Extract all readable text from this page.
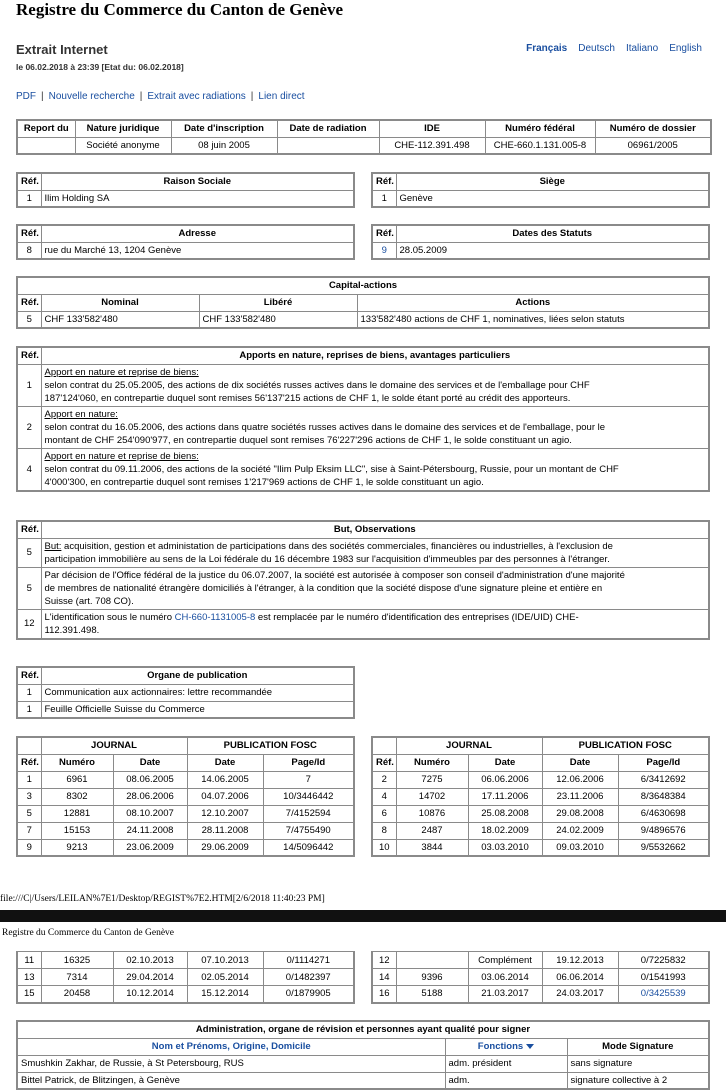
Registre du Commerce du Canton de Genève
Extrait Internet
le 06.02.2018 à 23:39 [Etat du: 06.02.2018]
Français Deutsch Italiano English
PDF | Nouvelle recherche | Extrait avec radiations | Lien direct
Report du	Nature juridique	Date d'inscription	Date de radiation	IDE	Numéro fédéral	Numéro de dossier
	Société anonyme	08 juin 2005		CHE-112.391.498	CHE-660.1.131.005-8	06961/2005
Réf.	Raison Sociale
1	Ilim Holding SA
Réf.	Siège
1	Genève
Réf.	Adresse
8	rue du Marché 13, 1204 Genève
Réf.	Dates des Statuts
9	28.05.2009
Capital-actions			
Réf.	Nominal	Libéré	Actions
5	CHF 133'582'480	CHF 133'582'480	133'582'480 actions de CHF 1, nominatives, liées selon statuts
Réf.	Apports en nature, reprises de biens, avantages particuliers
1	Apport en nature et reprise de biens:
selon contrat du 25.05.2005, des actions de dix sociétés russes actives dans le domaine des services et de l'emballage pour CHF
187'124'060, en contrepartie duquel sont remises 56'137'215 actions de CHF 1, le solde étant porté au crédit des apporteurs.

2	Apport en nature:
selon contrat du 16.05.2006, des actions dans quatre sociétés russes actives dans le domaine des services et de l'emballage, pour le
montant de CHF 254'090'977, en contrepartie duquel sont remises 76'227'296 actions de CHF 1, le solde constituant un agio.

4	Apport en nature et reprise de biens:
selon contrat du 09.11.2006, des actions de la société "Ilim Pulp Eksim LLC", sise à Saint-Pétersbourg, Russie, pour un montant de CHF
4'000'300, en contrepartie duquel sont remises 1'217'969 actions de CHF 1, le solde constituant un agio.
Réf.	But, Observations
5	But: acquisition, gestion et administation de participations dans des sociétés commerciales, financières ou industrielles, à l'exclusion de
participation immobilière au sens de la Loi fédérale du 16 décembre 1983 sur l'acquisition d'immeubles par des personnes à l'étranger.

5	Par décision de l'Office fédéral de la justice du 06.07.2007, la société est autorisée à composer son conseil d'administration d'une majorité
de membres de nationalité étrangère domiciliés à l'étranger, à la condition que la société dispose d'une signature pleine et entière en
Suisse (art. 708 CO).

12	L'identification sous le numéro CH-660-1131005-8 est remplacée par le numéro d'identification des entreprises (IDE/UID) CHE-
112.391.498.
Réf.	Organe de publication
1	Communication aux actionnaires: lettre recommandée
1	Feuille Officielle Suisse du Commerce
	JOURNAL		PUBLICATION FOSC	
Réf.	Numéro	Date	Date	Page/Id
1	6961	08.06.2005	14.06.2005	7
3	8302	28.06.2006	04.07.2006	10/3446442
5	12881	08.10.2007	12.10.2007	7/4152594
7	15153	24.11.2008	28.11.2008	7/4755490
9	9213	23.06.2009	29.06.2009	14/5096442
	JOURNAL		PUBLICATION FOSC	
Réf.	Numéro	Date	Date	Page/Id
2	7275	06.06.2006	12.06.2006	6/3412692
4	14702	17.11.2006	23.11.2006	8/3648384
6	10876	25.08.2008	29.08.2008	6/4630698
8	2487	18.02.2009	24.02.2009	9/4896576
10	3844	03.03.2010	09.03.2010	9/5532662
file:///C|/Users/LEILAN%7E1/Desktop/REGIST%7E2.HTM[2/6/2018 11:40:23 PM]
Registre du Commerce du Canton de Genève
11	16325	02.10.2013	07.10.2013	0/1114271
13	7314	29.04.2014	02.05.2014	0/1482397
15	20458	10.12.2014	15.12.2014	0/1879905
12		Complément	19.12.2013	0/7225832
14	9396	03.06.2014	06.06.2014	0/1541993
16	5188	21.03.2017	24.03.2017	0/3425539
Administration, organe de révision et personnes ayant qualité pour signer		
Nom et Prénoms, Origine, Domicile	Fonctions	Mode Signature
Smushkin Zakhar, de Russie, à St Petersbourg, RUS	adm. président	sans signature
Bittel Patrick, de Blitzingen, à Genève	adm.	signature collective à 2
